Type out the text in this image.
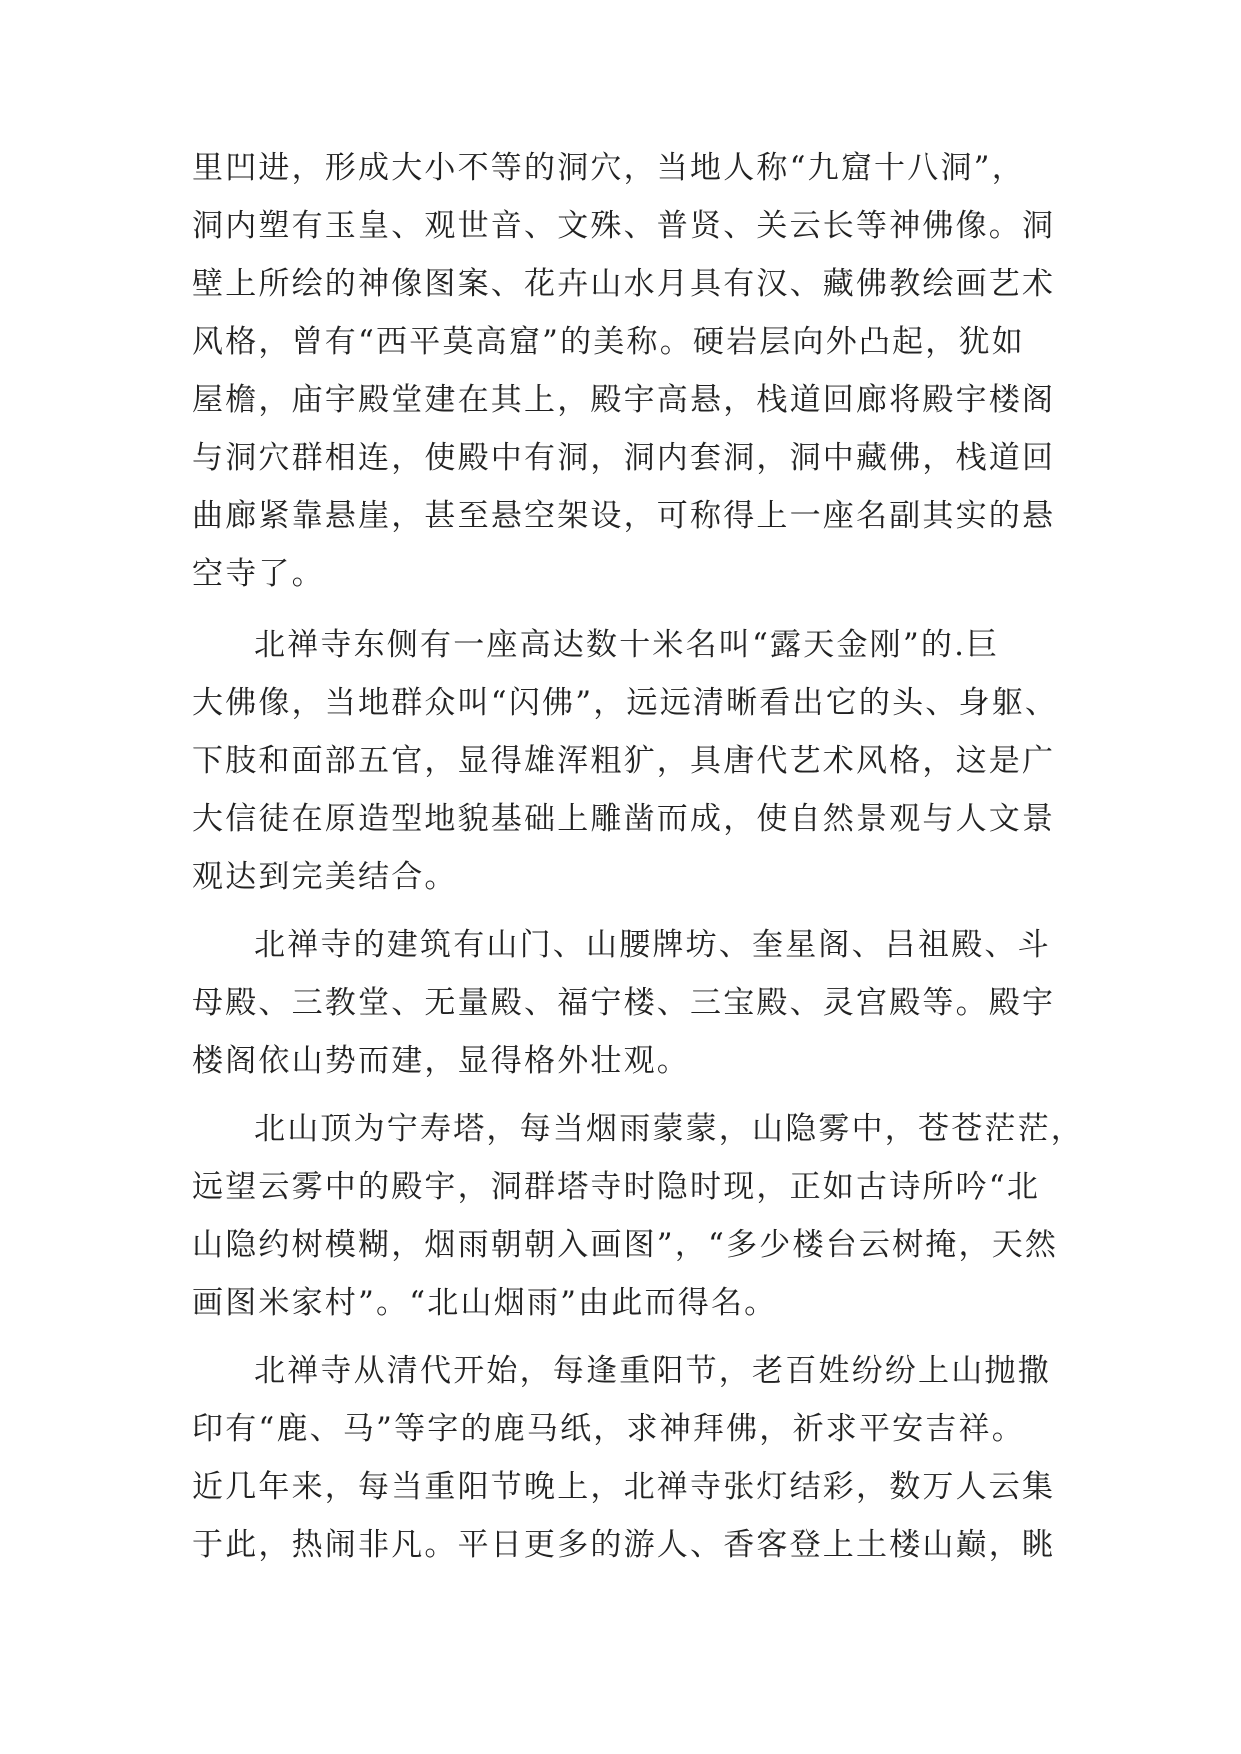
里凹进，形成大小不等的洞穴，当地人称“九窟十八洞”，
洞内塑有玉皇、观世音、文殊、普贤、关云长等神佛像。洞
壁上所绘的神像图案、花卉山水月具有汉、藏佛教绘画艺术
风格，曾有“西平莫高窟”的美称。硬岩层向外凸起，犹如
屋檐，庙宇殿堂建在其上，殿宇高悬，栈道回廊将殿宇楼阁
与洞穴群相连，使殿中有洞，洞内套洞，洞中藏佛，栈道回
曲廊紧靠悬崖，甚至悬空架设，可称得上一座名副其实的悬
空寺了。
北禅寺东侧有一座高达数十米名叫“露天金刚”的.巨
大佛像，当地群众叫“闪佛”，远远清晰看出它的头、身躯、
下肢和面部五官，显得雄浑粗犷，具唐代艺术风格，这是广
大信徒在原造型地貌基础上雕凿而成，使自然景观与人文景
观达到完美结合。
北禅寺的建筑有山门、山腰牌坊、奎星阁、吕祖殿、斗
母殿、三教堂、无量殿、福宁楼、三宝殿、灵宫殿等。殿宇
楼阁依山势而建，显得格外壮观。
北山顶为宁寿塔，每当烟雨蒙蒙，山隐雾中，苍苍茫茫，
远望云雾中的殿宇，洞群塔寺时隐时现，正如古诗所吟“北
山隐约树模糊，烟雨朝朝入画图”，“多少楼台云树掩，天然
画图米家村”。“北山烟雨”由此而得名。
北禅寺从清代开始，每逢重阳节，老百姓纷纷上山抛撒
印有“鹿、马”等字的鹿马纸，求神拜佛，祈求平安吉祥。
近几年来，每当重阳节晚上，北禅寺张灯结彩，数万人云集
于此，热闹非凡。平日更多的游人、香客登上土楼山巅，眺
